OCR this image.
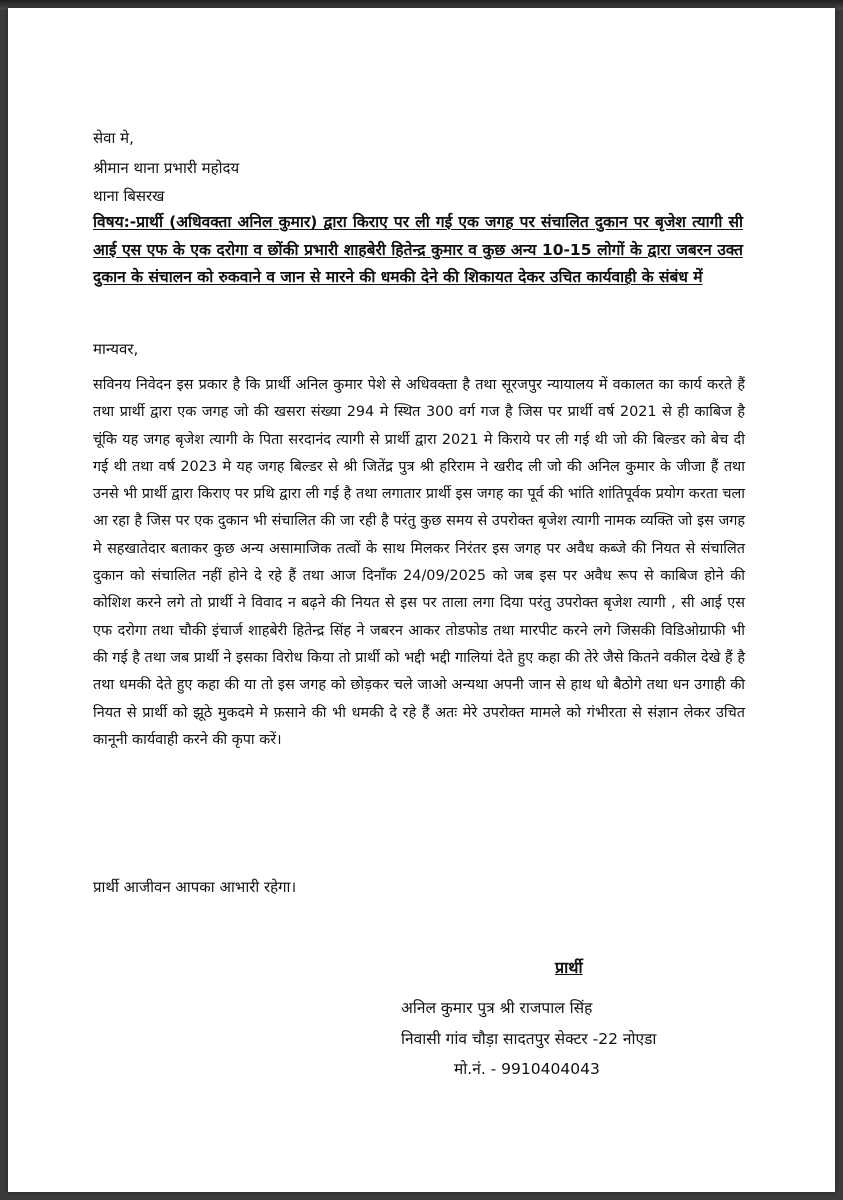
सेवा मे,
श्रीमान थाना प्रभारी महोदय
थाना बिसरख
विषय:-प्रार्थी (अधिवक्ता अनिल कुमार) द्वारा किराए पर ली गई एक जगह पर संचालित दुकान पर बृजेश त्यागी सी आई एस एफ के एक दरोगा व छोंकी प्रभारी शाहबेरी हितेन्द्र कुमार व कुछ अन्य 10-15 लोगों के द्वारा जबरन उक्त दुकान के संचालन को रुकवाने व जान से मारने की धमकी देने की शिकायत देकर उचित कार्यवाही के संबंध में
मान्यवर,
सविनय निवेदन इस प्रकार है कि प्रार्थी अनिल कुमार पेशे से अधिवक्ता है तथा सूरजपुर न्यायालय में वकालत का कार्य करते हैं तथा प्रार्थी द्वारा एक जगह जो की खसरा संख्या 294 मे स्थित 300 वर्ग गज है जिस पर प्रार्थी वर्ष 2021 से ही काबिज है चूंकि यह जगह बृजेश त्यागी के पिता सरदानंद त्यागी से प्रार्थी द्वारा 2021 मे किराये पर ली गई थी जो की बिल्डर को बेच दी गई थी तथा वर्ष 2023 मे यह जगह बिल्डर से श्री जितेंद्र पुत्र श्री हरिराम ने खरीद ली जो की अनिल कुमार के जीजा हैं तथा उनसे भी प्रार्थी द्वारा किराए पर प्रथि द्वारा ली गई है तथा लगातार प्रार्थी इस जगह का पूर्व की भांति शांतिपूर्वक प्रयोग करता चला आ रहा है जिस पर एक दुकान भी संचालित की जा रही है परंतु कुछ समय से उपरोक्त बृजेश त्यागी नामक व्यक्ति जो इस जगह मे सहखातेदार बताकर कुछ अन्य असामाजिक तत्वों के साथ मिलकर निरंतर इस जगह पर अवैध कब्जे की नियत से संचालित दुकान को संचालित नहीं होने दे रहे हैं तथा आज दिनाँक 24/09/2025 को जब इस पर अवैध रूप से काबिज होने की कोशिश करने लगे तो प्रार्थी ने विवाद न बढ़ने की नियत से इस पर ताला लगा दिया परंतु उपरोक्त बृजेश त्यागी , सी आई एस एफ दरोगा तथा चौकी इंचार्ज शाहबेरी हितेन्द्र सिंह ने जबरन आकर तोडफोड तथा मारपीट करने लगे जिसकी विडिओग्राफी भी की गई है तथा जब प्रार्थी ने इसका विरोध किया तो प्रार्थी को भद्दी भद्दी गालियां देते हुए कहा की तेरे जैसे कितने वकील देखे हैं है तथा धमकी देते हुए कहा की या तो इस जगह को छोड़कर चले जाओ अन्यथा अपनी जान से हाथ धो बैठोगे तथा धन उगाही की नियत से प्रार्थी को झूठे मुकदमे मे फ़साने की भी धमकी दे रहे हैं अतः मेरे उपरोक्त मामले को गंभीरता से संज्ञान लेकर उचित कानूनी कार्यवाही करने की कृपा करें।
प्रार्थी आजीवन आपका आभारी रहेगा।
प्रार्थी
अनिल कुमार पुत्र श्री राजपाल सिंह
निवासी गांव चौड़ा सादतपुर सेक्टर -22 नोएडा
मो.नं. - 9910404043
